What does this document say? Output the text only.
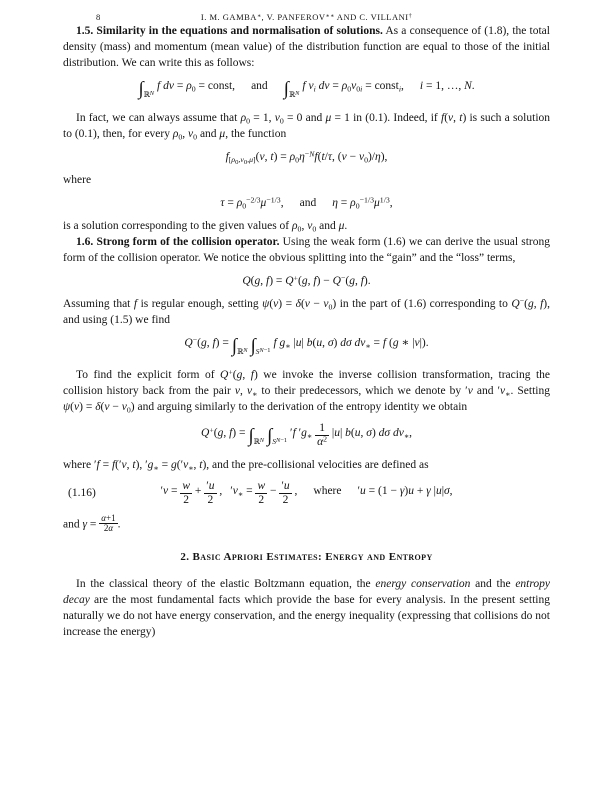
8	I. M. GAMBA∗, V. PANFEROV∗∗ AND C. VILLANI†

1.5. Similarity in the equations and normalisation of solutions. As a consequence of (1.8), the total density (mass) and momentum (mean value) of the distribution function are equal to those of the initial distribution. We can write this as follows:

$\int_{ℝ^N}f$ dv = $\rho_0$ = const, and $\int_{ℝ^N}f$ $v_i$ dv = $\rho_0v_{0i}$ = const$_i$, i = 1, …, N.

In fact, we can always assume that $\rho_0 = 1$, $v_0 = 0$ and μ = 1 in (0.1). Indeed, if f(v, t) is such a solution to (0.1), then, for every $\rho_0$, $v_0$ and μ, the function

$f_{[\rho_0,v_0,\mu]}(v$, $t) = \rho_0\eta^{-N}f(t/\tau$, $(v - v_0)/\eta$),

where

$\tau = \rho_0^{-2/3}\mu^{-1/3}$, and $\eta = \rho_0^{-1/3}\mu^{1/3}$,

is a solution corresponding to the given values of $\rho_0$, $v_0$ and μ.

1.6. Strong form of the collision operator. Using the weak form (1.6) we can derive the usual strong form of the collision operator. We notice the obvious splitting into the “gain” and the “loss” terms,

Q(g, f) = Q+(g, f) − Q−(g, f).

Assuming that f is regular enough, setting $\psi(v) = \delta(v - v_0)$ in the part of (1.6) corresponding to Q−(g, f), and using (1.5) we find

Q−(g, $f) = \int_{ℝ^N}$ $\int_{S^{N-1}}f$ $g_∗$ |u| b(u, σ) dσ $dv_∗ = f$ (g ∗ |v|).

To find the explicit form of Q+(g, f) we invoke the inverse collision transformation, tracing the collision history back from the pair v, $v_∗$ to their predecessors, which we denote by ′v and $'v_∗$. Setting $\psi(v) = \delta(v - v_0)$ and arguing similarly to the derivation of the entropy identity we obtain

Q+(g, $f) = \int_{ℝ^N}$ $\int_{S^{N-1}}'f$ $'g_∗ \frac{1}{\alpha^2} |u|$ b(u, σ) dσ $dv_∗$,

where ′f = f(′v, t), $'g_∗ = g('v_∗$, t), and the pre-collisional velocities are defined as

(1.16)	$'v = \frac{w}{2} + \frac{'u}{2}$ , $'v_∗ = \frac{w}{2} - \frac{'u}{2}$ , where ′u = (1 − γ)u + γ |u|σ,

and $\gamma = \frac{\alpha+1}{2\alpha}$ .

2. Basic Apriori Estimates: Energy and Entropy

In the classical theory of the elastic Boltzmann equation, the energy conservation and the entropy decay are the most fundamental facts which provide the base for every analysis. In the present setting naturally we do not have energy conservation, and the energy inequality (expressing that collisions do not increase the energy)
